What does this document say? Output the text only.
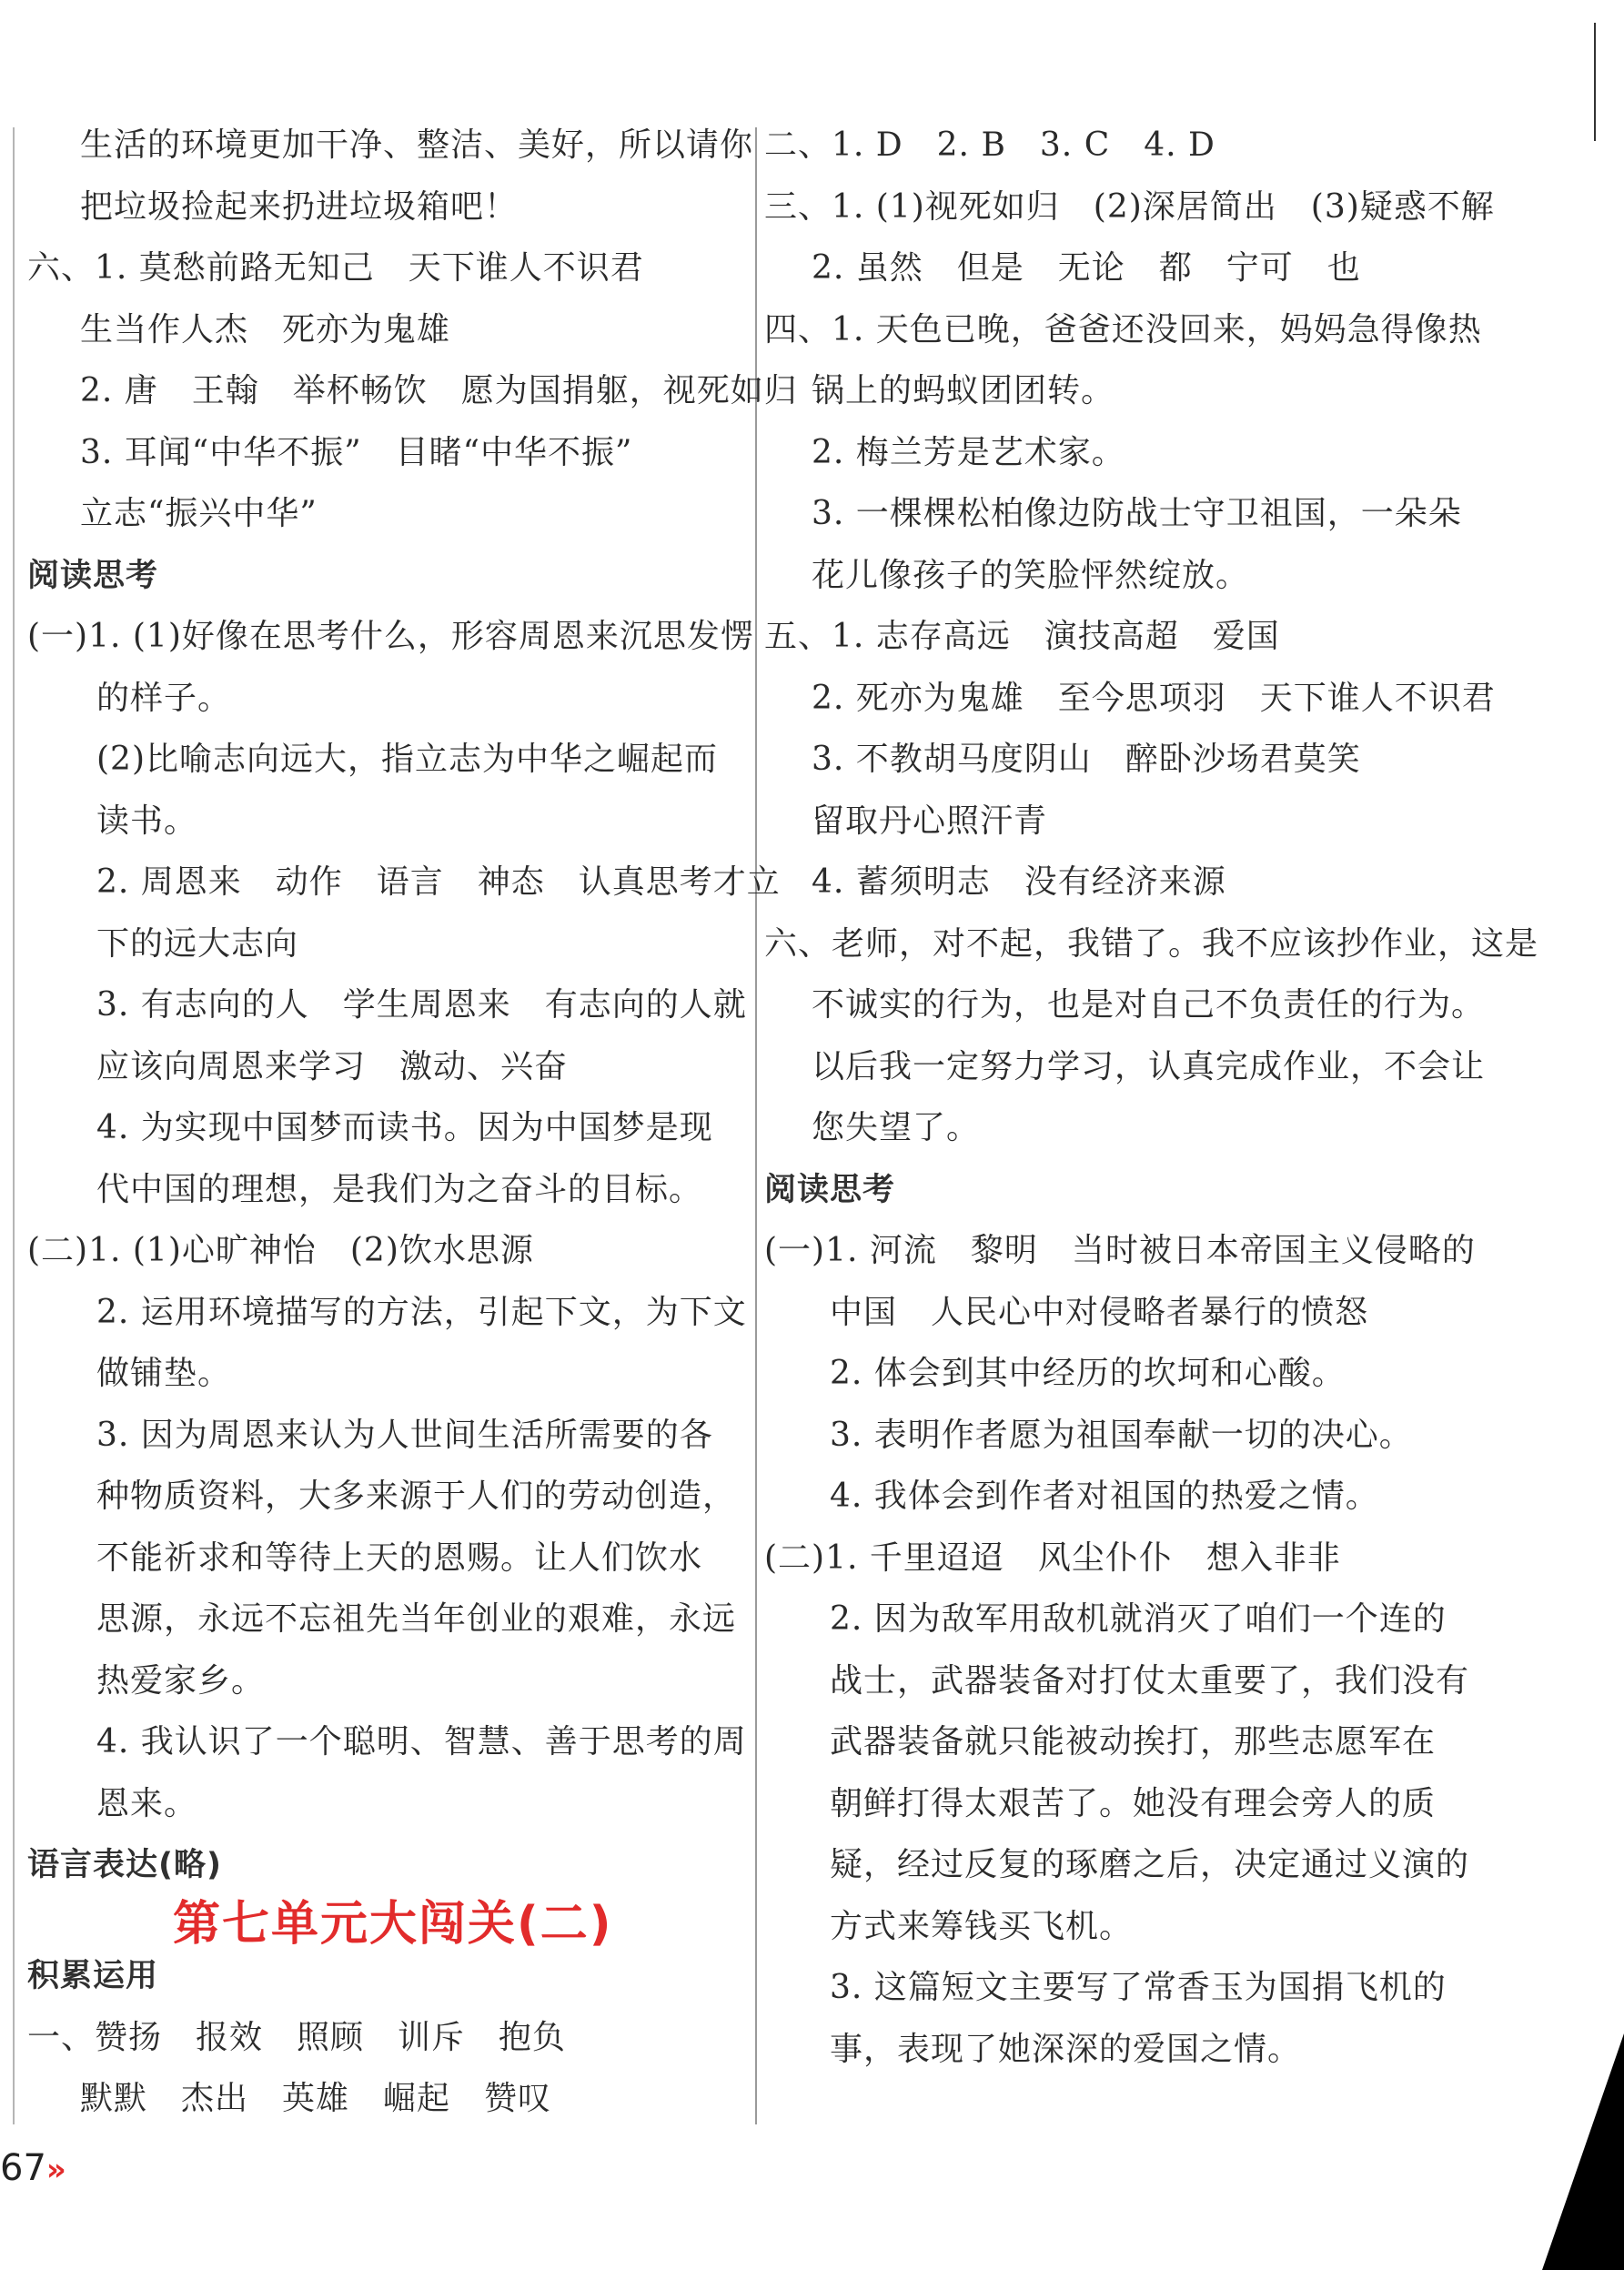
生活的环境更加干净、整洁、美好，所以请你
把垃圾捡起来扔进垃圾箱吧！
六、1. 莫愁前路无知己　天下谁人不识君
生当作人杰　死亦为鬼雄
2. 唐　王翰　举杯畅饮　愿为国捐躯，视死如归
3. 耳闻“中华不振”　目睹“中华不振”
立志“振兴中华”
阅读思考
(一)1. (1)好像在思考什么，形容周恩来沉思发愣
的样子。
(2)比喻志向远大，指立志为中华之崛起而
读书。
2. 周恩来　动作　语言　神态　认真思考才立
下的远大志向
3. 有志向的人　学生周恩来　有志向的人就
应该向周恩来学习　激动、兴奋
4. 为实现中国梦而读书。因为中国梦是现
代中国的理想，是我们为之奋斗的目标。
(二)1. (1)心旷神怡　(2)饮水思源
2. 运用环境描写的方法，引起下文，为下文
做铺垫。
3. 因为周恩来认为人世间生活所需要的各
种物质资料，大多来源于人们的劳动创造，
不能祈求和等待上天的恩赐。让人们饮水
思源，永远不忘祖先当年创业的艰难，永远
热爱家乡。
4. 我认识了一个聪明、智慧、善于思考的周
恩来。
语言表达(略)
积累运用
一、赞扬　报效　照顾　训斥　抱负
默默　杰出　英雄　崛起　赞叹
二、1. D　2. B　3. C　4. D
三、1. (1)视死如归　(2)深居简出　(3)疑惑不解
2. 虽然　但是　无论　都　宁可　也
四、1. 天色已晚，爸爸还没回来，妈妈急得像热
锅上的蚂蚁团团转。
2. 梅兰芳是艺术家。
3. 一棵棵松柏像边防战士守卫祖国，一朵朵
花儿像孩子的笑脸怦然绽放。
五、1. 志存高远　演技高超　爱国
2. 死亦为鬼雄　至今思项羽　天下谁人不识君
3. 不教胡马度阴山　醉卧沙场君莫笑
留取丹心照汗青
4. 蓄须明志　没有经济来源
六、老师，对不起，我错了。我不应该抄作业，这是
不诚实的行为，也是对自己不负责任的行为。
以后我一定努力学习，认真完成作业，不会让
您失望了。
阅读思考
(一)1. 河流　黎明　当时被日本帝国主义侵略的
中国　人民心中对侵略者暴行的愤怒
2. 体会到其中经历的坎坷和心酸。
3. 表明作者愿为祖国奉献一切的决心。
4. 我体会到作者对祖国的热爱之情。
(二)1. 千里迢迢　风尘仆仆　想入非非
2. 因为敌军用敌机就消灭了咱们一个连的
战士，武器装备对打仗太重要了，我们没有
武器装备就只能被动挨打，那些志愿军在
朝鲜打得太艰苦了。她没有理会旁人的质
疑，经过反复的琢磨之后，决定通过义演的
方式来筹钱买飞机。
3. 这篇短文主要写了常香玉为国捐飞机的
事，表现了她深深的爱国之情。
第七单元大闯关(二)
67»
